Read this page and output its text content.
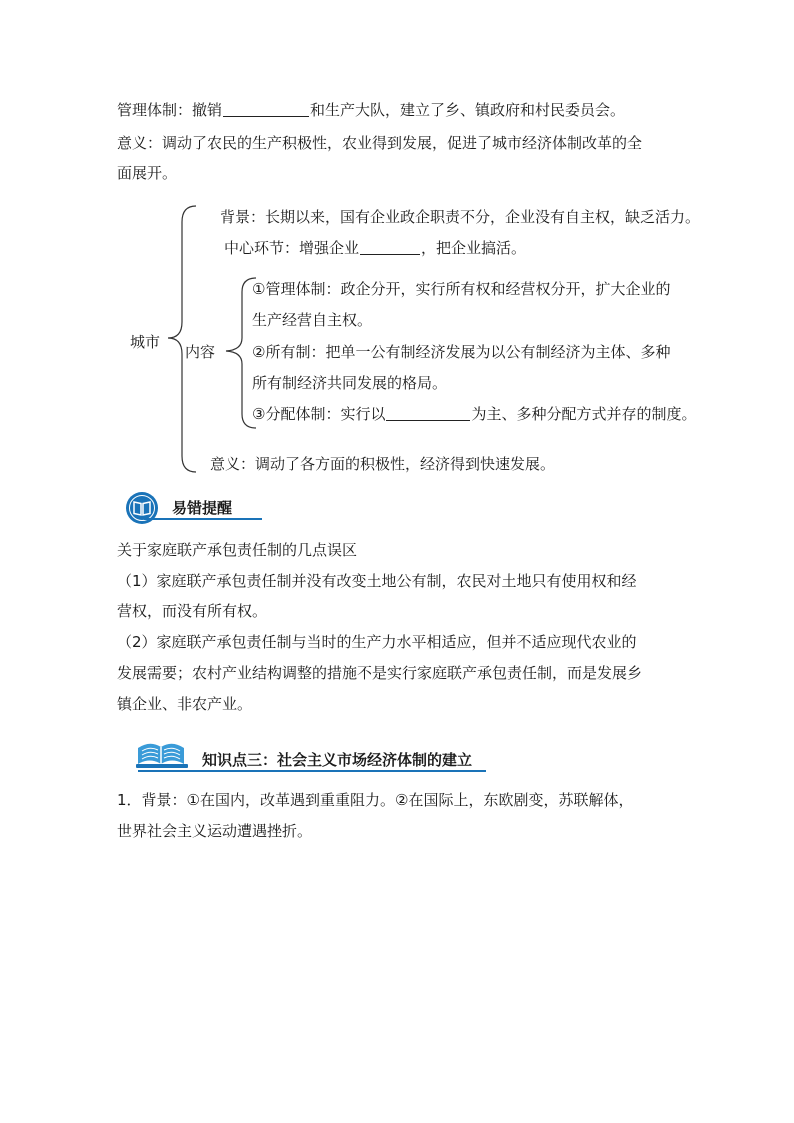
管理体制：撤销	和生产大队，建立了乡、镇政府和村民委员会。
意义：调动了农民的生产积极性，农业得到发展，促进了城市经济体制改革的全
面展开。
城市
背景：长期以来，国有企业政企职责不分，企业没有自主权，缺乏活力。
中心环节：增强企业	，把企业搞活。
内容
①管理体制：政企分开，实行所有权和经营权分开，扩大企业的
生产经营自主权。
②所有制：把单一公有制经济发展为以公有制经济为主体、多种
所有制经济共同发展的格局。
③分配体制：实行以	为主、多种分配方式并存的制度。
意义：调动了各方面的积极性，经济得到快速发展。
易错提醒
关于家庭联产承包责任制的几点误区
（1）家庭联产承包责任制并没有改变土地公有制，农民对土地只有使用权和经
营权，而没有所有权。
（2）家庭联产承包责任制与当时的生产力水平相适应，但并不适应现代农业的
发展需要；农村产业结构调整的措施不是实行家庭联产承包责任制，而是发展乡
镇企业、非农产业。
知识点三：社会主义市场经济体制的建立
1．背景：①在国内，改革遇到重重阻力。②在国际上，东欧剧变，苏联解体，
世界社会主义运动遭遇挫折。
